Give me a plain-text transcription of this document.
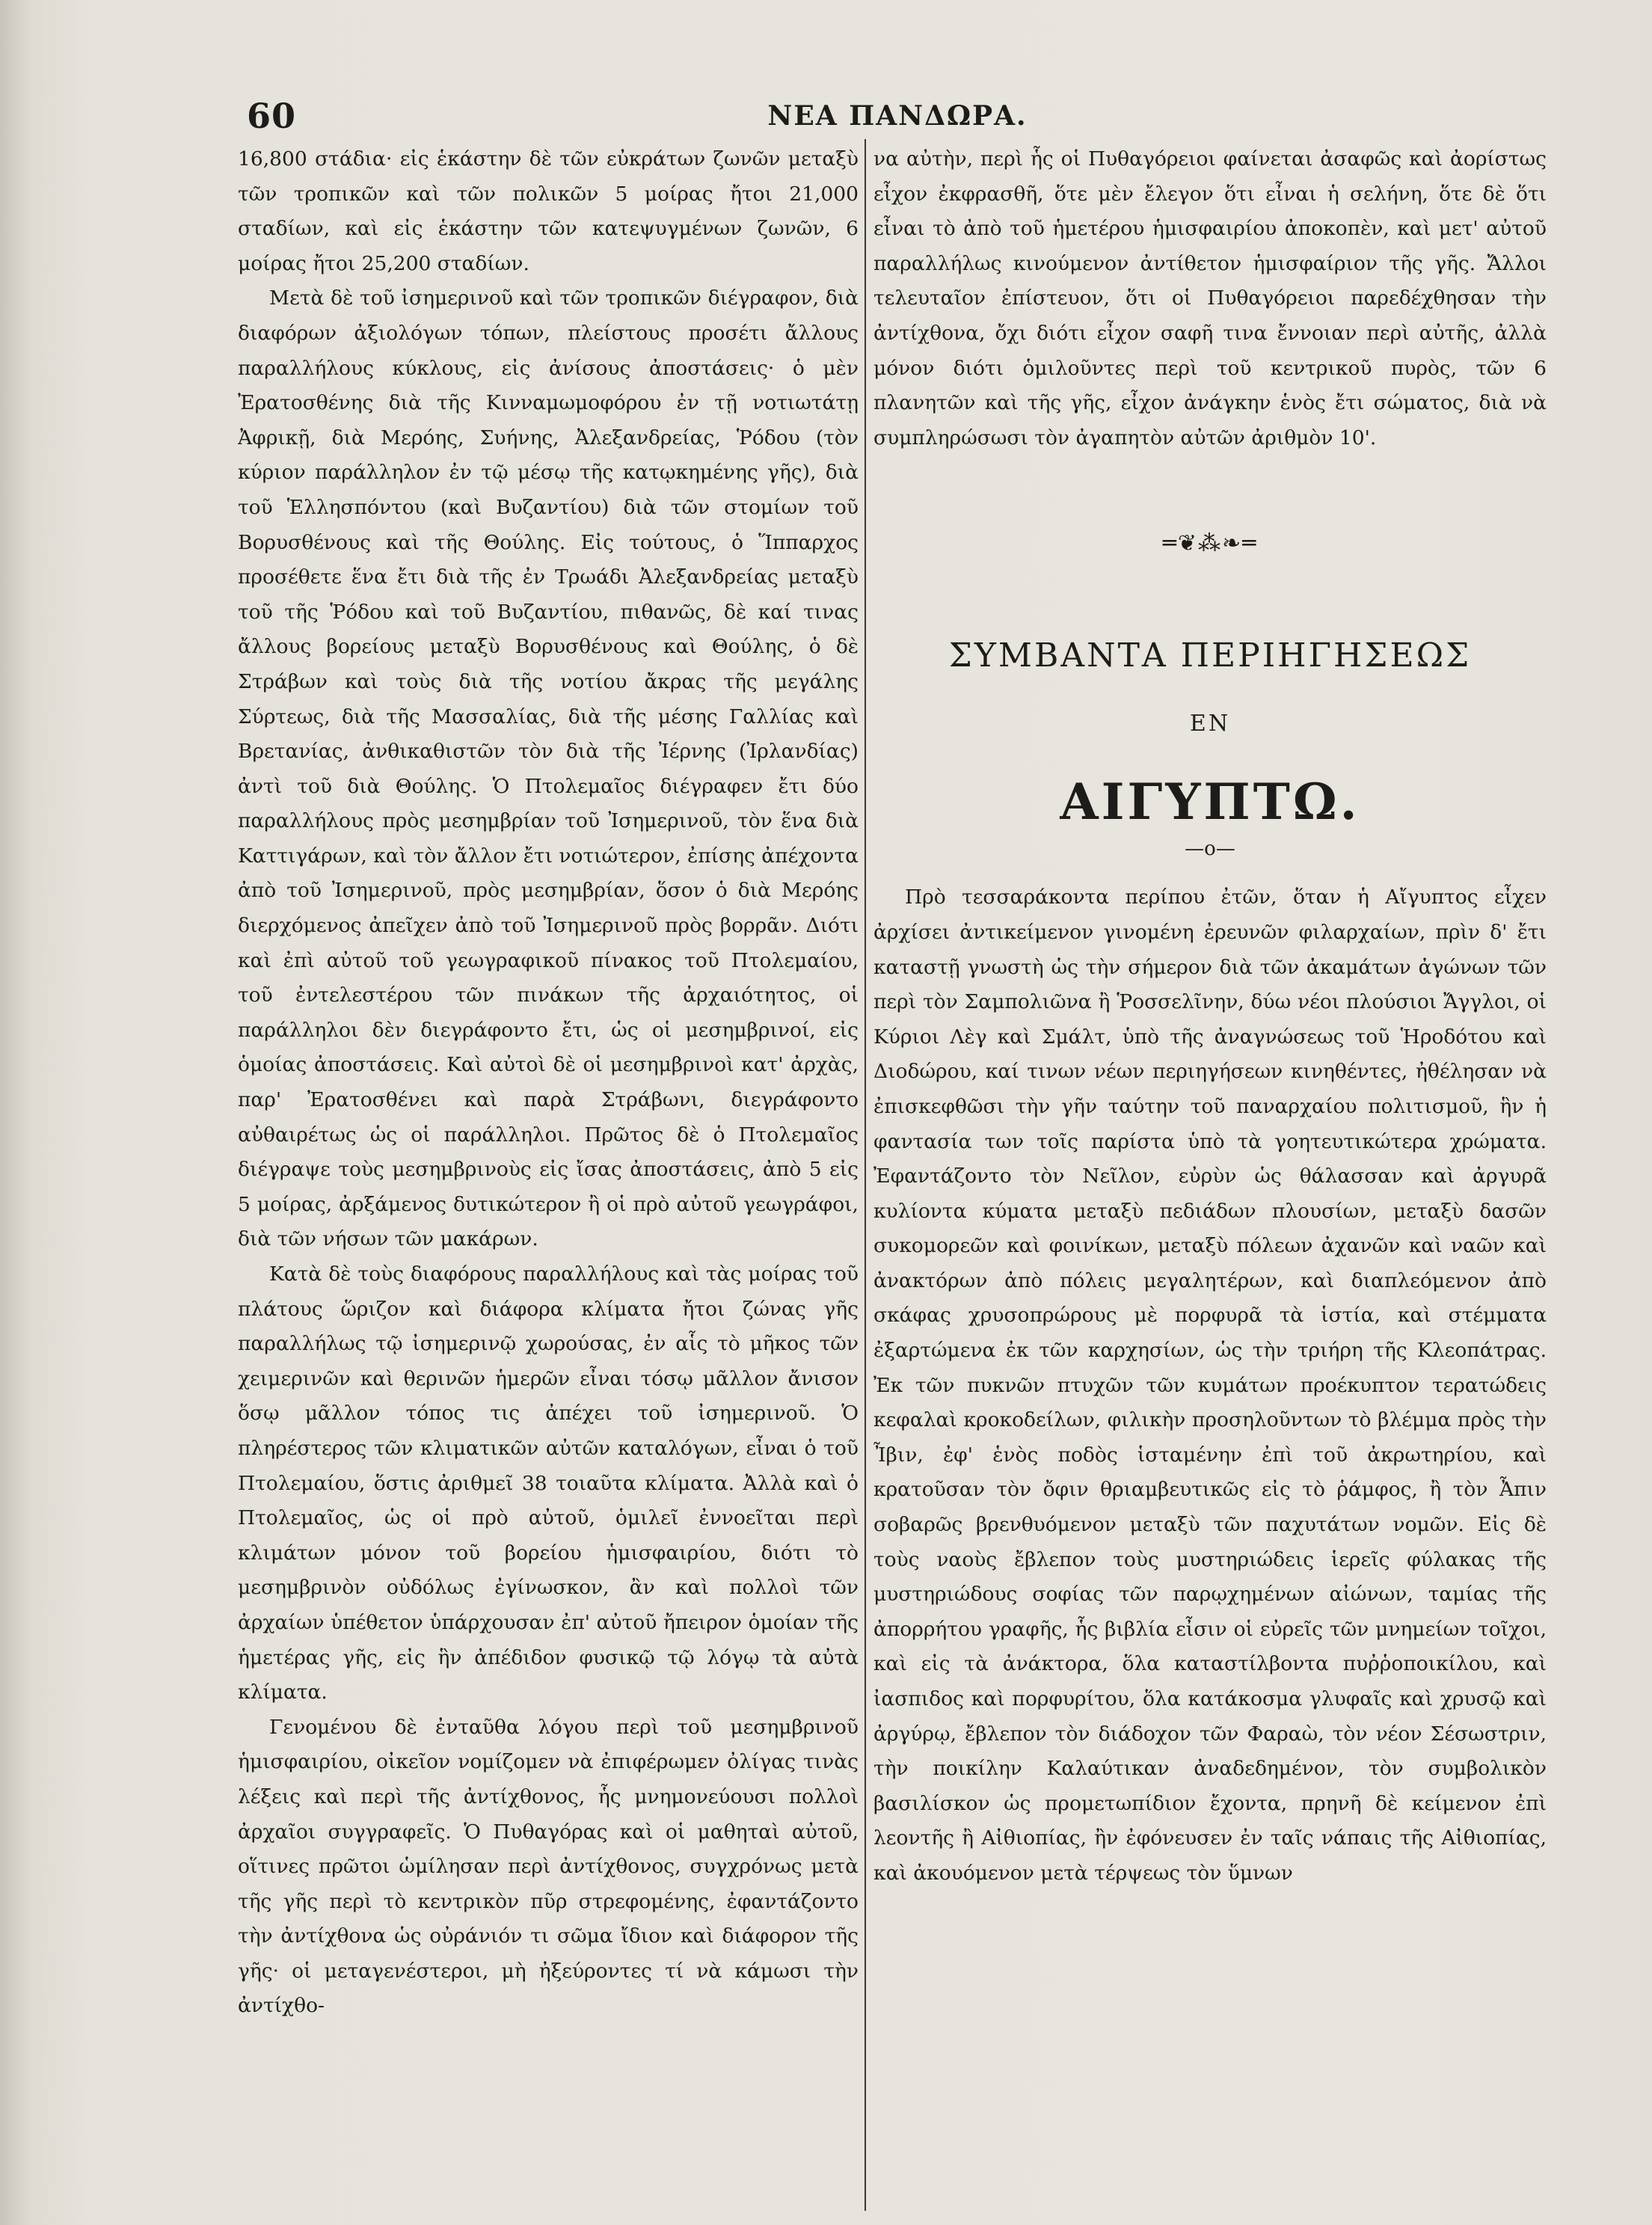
60	ΝΕΑ ΠΑΝΔΩΡΑ.

16,800 στάδια· εἰς ἑκάστην δὲ τῶν εὐκράτων ζωνῶν μεταξὺ τῶν τροπικῶν καὶ τῶν πολικῶν 5 μοίρας ἤτοι 21,000 σταδίων, καὶ εἰς ἑκάστην τῶν κατεψυγμένων ζωνῶν, 6 μοίρας ἤτοι 25,200 σταδίων.

Μετὰ δὲ τοῦ ἰσημερινοῦ καὶ τῶν τροπικῶν διέγραφον, διὰ διαφόρων ἀξιολόγων τόπων, πλείστους προσέτι ἄλλους παραλλήλους κύκλους, εἰς ἀνίσους ἀποστάσεις· ὁ μὲν Ἐρατοσθένης διὰ τῆς Κινναμωμοφόρου ἐν τῇ νοτιωτάτῃ Ἀφρικῇ, διὰ Μερόης, Συήνης, Ἀλεξανδρείας, Ῥόδου (τὸν κύριον παράλληλον ἐν τῷ μέσῳ τῆς κατῳκημένης γῆς), διὰ τοῦ Ἑλλησπόντου (καὶ Βυζαντίου) διὰ τῶν στομίων τοῦ Βορυσθένους καὶ τῆς Θούλης. Εἰς τούτους, ὁ Ἵππαρχος προσέθετε ἕνα ἔτι διὰ τῆς ἐν Τρωάδι Ἀλεξανδρείας μεταξὺ τοῦ τῆς Ῥόδου καὶ τοῦ Βυζαντίου, πιθανῶς, δὲ καί τινας ἄλλους βορείους μεταξὺ Βορυσθένους καὶ Θούλης, ὁ δὲ Στράβων καὶ τοὺς διὰ τῆς νοτίου ἄκρας τῆς μεγάλης Σύρτεως, διὰ τῆς Μασσαλίας, διὰ τῆς μέσης Γαλλίας καὶ Βρετανίας, ἀνθικαθιστῶν τὸν διὰ τῆς Ἰέρνης (Ἰρλανδίας) ἀντὶ τοῦ διὰ Θούλης. Ὁ Πτολεμαῖος διέγραφεν ἔτι δύο παραλλήλους πρὸς μεσημβρίαν τοῦ Ἰσημερινοῦ, τὸν ἕνα διὰ Καττιγάρων, καὶ τὸν ἄλλον ἔτι νοτιώτερον, ἐπίσης ἀπέχοντα ἀπὸ τοῦ Ἰσημερινοῦ, πρὸς μεσημβρίαν, ὅσον ὁ διὰ Μερόης διερχόμενος ἀπεῖχεν ἀπὸ τοῦ Ἰσημερινοῦ πρὸς βορρᾶν. Διότι καὶ ἐπὶ αὐτοῦ τοῦ γεωγραφικοῦ πίνακος τοῦ Πτολεμαίου, τοῦ ἐντελεστέρου τῶν πινάκων τῆς ἀρχαιότητος, οἱ παράλληλοι δὲν διεγράφοντο ἔτι, ὡς οἱ μεσημβρινοί, εἰς ὁμοίας ἀποστάσεις. Καὶ αὐτοὶ δὲ οἱ μεσημβρινοὶ κατ' ἀρχὰς, παρ' Ἐρατοσθένει καὶ παρὰ Στράβωνι, διεγράφοντο αὐθαιρέτως ὡς οἱ παράλληλοι. Πρῶτος δὲ ὁ Πτολεμαῖος διέγραψε τοὺς μεσημβρινοὺς εἰς ἴσας ἀποστάσεις, ἀπὸ 5 εἰς 5 μοίρας, ἀρξάμενος δυτικώτερον ἢ οἱ πρὸ αὐτοῦ γεωγράφοι, διὰ τῶν νήσων τῶν μακάρων.

Κατὰ δὲ τοὺς διαφόρους παραλλήλους καὶ τὰς μοίρας τοῦ πλάτους ὥριζον καὶ διάφορα κλίματα ἤτοι ζώνας γῆς παραλλήλως τῷ ἰσημερινῷ χωρούσας, ἐν αἷς τὸ μῆκος τῶν χειμερινῶν καὶ θερινῶν ἡμερῶν εἶναι τόσῳ μᾶλλον ἄνισον ὅσῳ μᾶλλον τόπος τις ἀπέχει τοῦ ἰσημερινοῦ. Ὁ πληρέστερος τῶν κλιματικῶν αὐτῶν καταλόγων, εἶναι ὁ τοῦ Πτολεμαίου, ὅστις ἀριθμεῖ 38 τοιαῦτα κλίματα. Ἀλλὰ καὶ ὁ Πτολεμαῖος, ὡς οἱ πρὸ αὐτοῦ, ὁμιλεῖ ἐννοεῖται περὶ κλιμάτων μόνον τοῦ βορείου ἡμισφαιρίου, διότι τὸ μεσημβρινὸν οὐδόλως ἐγίνωσκον, ἂν καὶ πολλοὶ τῶν ἀρχαίων ὑπέθετον ὑπάρχουσαν ἐπ' αὐτοῦ ἤπειρον ὁμοίαν τῆς ἡμετέρας γῆς, εἰς ἣν ἀπέδιδον φυσικῷ τῷ λόγῳ τὰ αὐτὰ κλίματα.

Γενομένου δὲ ἐνταῦθα λόγου περὶ τοῦ μεσημβρινοῦ ἡμισφαιρίου, οἰκεῖον νομίζομεν νὰ ἐπιφέρωμεν ὀλίγας τινὰς λέξεις καὶ περὶ τῆς ἀντίχθονος, ἧς μνημονεύουσι πολλοὶ ἀρχαῖοι συγγραφεῖς. Ὁ Πυθαγόρας καὶ οἱ μαθηταὶ αὐτοῦ, οἵτινες πρῶτοι ὡμίλησαν περὶ ἀντίχθονος, συγχρόνως μετὰ τῆς γῆς περὶ τὸ κεντρικὸν πῦρ στρεφομένης, ἐφαντάζοντο τὴν ἀντίχθονα ὡς οὐράνιόν τι σῶμα ἴδιον καὶ διάφορον τῆς γῆς· οἱ μεταγενέστεροι, μὴ ἠξεύροντες τί νὰ κάμωσι τὴν ἀντίχθο-

να αὐτὴν, περὶ ἧς οἱ Πυθαγόρειοι φαίνεται ἀσαφῶς καὶ ἀορίστως εἶχον ἐκφρασθῆ, ὅτε μὲν ἔλεγον ὅτι εἶναι ἡ σελήνη, ὅτε δὲ ὅτι εἶναι τὸ ἀπὸ τοῦ ἡμετέρου ἡμισφαιρίου ἀποκοπὲν, καὶ μετ' αὐτοῦ παραλλήλως κινούμενον ἀντίθετον ἡμισφαίριον τῆς γῆς. Ἄλλοι τελευταῖον ἐπίστευον, ὅτι οἱ Πυθαγόρειοι παρεδέχθησαν τὴν ἀντίχθονα, ὄχι διότι εἶχον σαφῆ τινα ἔννοιαν περὶ αὐτῆς, ἀλλὰ μόνον διότι ὁμιλοῦντες περὶ τοῦ κεντρικοῦ πυρὸς, τῶν 6 πλανητῶν καὶ τῆς γῆς, εἶχον ἀνάγκην ἑνὸς ἔτι σώματος, διὰ νὰ συμπληρώσωσι τὸν ἀγαπητὸν αὐτῶν ἀριθμὸν 10'.

═❦⁂❧═
ΣΥΜΒΑΝΤΑ ΠΕΡΙΗΓΗΣΕΩΣ
ΕΝ
ΑΙΓΥΠΤΩ.
—o—

Πρὸ τεσσαράκοντα περίπου ἐτῶν, ὅταν ἡ Αἴγυπτος εἶχεν ἀρχίσει ἀντικείμενον γινομένη ἐρευνῶν φιλαρχαίων, πρὶν δ' ἔτι καταστῇ γνωστὴ ὡς τὴν σήμερον διὰ τῶν ἀκαμάτων ἀγώνων τῶν περὶ τὸν Σαμπολιῶνα ἢ Ῥοσσελῖνην, δύω νέοι πλούσιοι Ἄγγλοι, οἱ Κύριοι Λὲγ καὶ Σμάλτ, ὑπὸ τῆς ἀναγνώσεως τοῦ Ἡροδότου καὶ Διοδώρου, καί τινων νέων περιηγήσεων κινηθέντες, ἠθέλησαν νὰ ἐπισκεφθῶσι τὴν γῆν ταύτην τοῦ παναρχαίου πολιτισμοῦ, ἣν ἡ φαντασία των τοῖς παρίστα ὑπὸ τὰ γοητευτικώτερα χρώματα. Ἐφαντάζοντο τὸν Νεῖλον, εὐρὺν ὡς θάλασσαν καὶ ἀργυρᾶ κυλίοντα κύματα μεταξὺ πεδιάδων πλουσίων, μεταξὺ δασῶν συκομορεῶν καὶ φοινίκων, μεταξὺ πόλεων ἀχανῶν καὶ ναῶν καὶ ἀνακτόρων ἀπὸ πόλεις μεγαλητέρων, καὶ διαπλεόμενον ἀπὸ σκάφας χρυσοπρώρους μὲ πορφυρᾶ τὰ ἱστία, καὶ στέμματα ἐξαρτώμενα ἐκ τῶν καρχησίων, ὡς τὴν τριήρη τῆς Κλεοπάτρας. Ἐκ τῶν πυκνῶν πτυχῶν τῶν κυμάτων προέκυπτον τερατώδεις κεφαλαὶ κροκοδείλων, φιλικὴν προσηλοῦντων τὸ βλέμμα πρὸς τὴν Ἶβιν, ἐφ' ἑνὸς ποδὸς ἱσταμένην ἐπὶ τοῦ ἀκρωτηρίου, καὶ κρατοῦσαν τὸν ὄφιν θριαμβευτικῶς εἰς τὸ ῥάμφος, ἢ τὸν Ἆπιν σοβαρῶς βρενθυόμενον μεταξὺ τῶν παχυτάτων νομῶν. Εἰς δὲ τοὺς ναοὺς ἔβλεπον τοὺς μυστηριώδεις ἱερεῖς φύλακας τῆς μυστηριώδους σοφίας τῶν παρῳχημένων αἰώνων, ταμίας τῆς ἀπορρήτου γραφῆς, ἧς βιβλία εἶσιν οἱ εὐρεῖς τῶν μνημείων τοῖχοι, καὶ εἰς τὰ ἀνάκτορα, ὅλα καταστίλβοντα πυῤῥοποικίλου, καὶ ἰασπιδος καὶ πορφυρίτου, ὅλα κατάκοσμα γλυφαῖς καὶ χρυσῷ καὶ ἀργύρῳ, ἔβλεπον τὸν διάδοχον τῶν Φαραὼ, τὸν νέον Σέσωστριν, τὴν ποικίλην Καλαύτικαν ἀναδεδημένον, τὸν συμβολικὸν βασιλίσκον ὡς προμετωπίδιον ἔχοντα, πρηνῆ δὲ κείμενον ἐπὶ λεοντῆς ἢ Αἰθιοπίας, ἢν ἐφόνευσεν ἐν ταῖς νάπαις τῆς Αἰθιοπίας, καὶ ἀκουόμενον μετὰ τέρψεως τὸν ὕμνων
